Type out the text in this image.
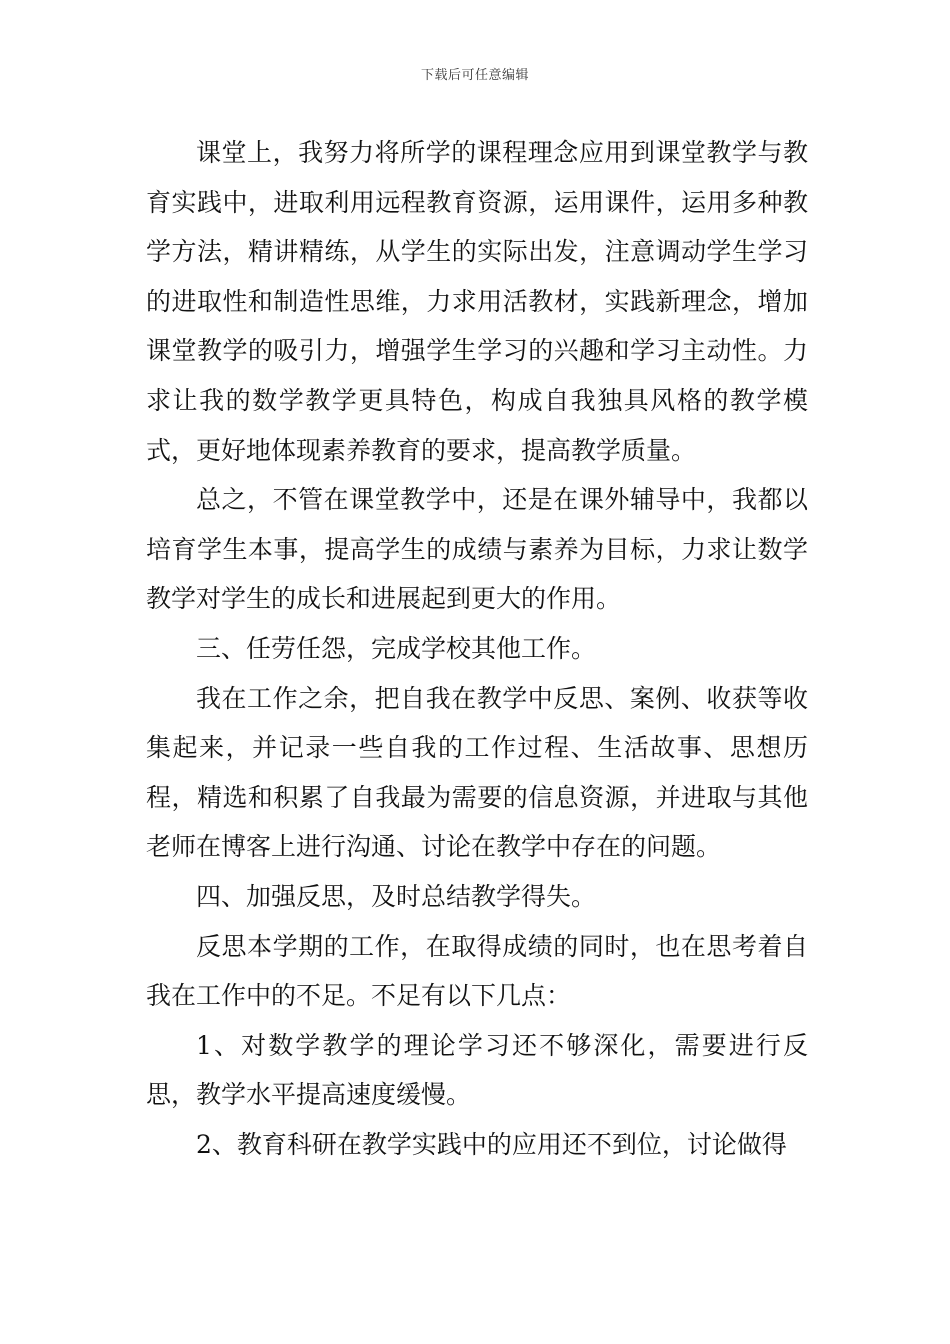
下载后可任意编辑

课堂上，我努力将所学的课程理念应用到课堂教学与教育实践中，进取利用远程教育资源，运用课件，运用多种教学方法，精讲精练，从学生的实际出发，注意调动学生学习的进取性和制造性思维，力求用活教材，实践新理念，增加课堂教学的吸引力，增强学生学习的兴趣和学习主动性。力求让我的数学教学更具特色，构成自我独具风格的教学模式，更好地体现素养教育的要求，提高教学质量。

总之，不管在课堂教学中，还是在课外辅导中，我都以培育学生本事，提高学生的成绩与素养为目标，力求让数学教学对学生的成长和进展起到更大的作用。

三、任劳任怨，完成学校其他工作。

我在工作之余，把自我在教学中反思、案例、收获等收集起来，并记录一些自我的工作过程、生活故事、思想历程，精选和积累了自我最为需要的信息资源，并进取与其他老师在博客上进行沟通、讨论在教学中存在的问题。

四、加强反思，及时总结教学得失。

反思本学期的工作，在取得成绩的同时，也在思考着自我在工作中的不足。不足有以下几点：

1、对数学教学的理论学习还不够深化，需要进行反思，教学水平提高速度缓慢。

2、教育科研在教学实践中的应用还不到位，讨论做得
